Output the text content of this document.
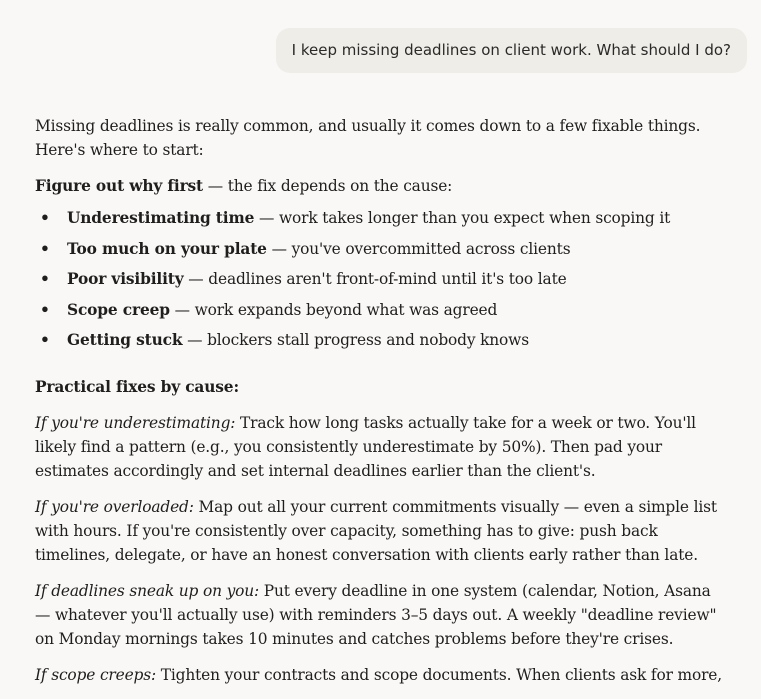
I keep missing deadlines on client work. What should I do?

Missing deadlines is really common, and usually it comes down to a few fixable things. Here's where to start:

Figure out why first — the fix depends on the cause:

• Underestimating time — work takes longer than you expect when scoping it
• Too much on your plate — you've overcommitted across clients
• Poor visibility — deadlines aren't front-of-mind until it's too late
• Scope creep — work expands beyond what was agreed
• Getting stuck — blockers stall progress and nobody knows

Practical fixes by cause:

If you're underestimating: Track how long tasks actually take for a week or two. You'll likely find a pattern (e.g., you consistently underestimate by 50%). Then pad your estimates accordingly and set internal deadlines earlier than the client's.

If you're overloaded: Map out all your current commitments visually — even a simple list with hours. If you're consistently over capacity, something has to give: push back timelines, delegate, or have an honest conversation with clients early rather than late.

If deadlines sneak up on you: Put every deadline in one system (calendar, Notion, Asana — whatever you'll actually use) with reminders 3–5 days out. A weekly "deadline review" on Monday mornings takes 10 minutes and catches problems before they're crises.

If scope creeps: Tighten your contracts and scope documents. When clients ask for more,
